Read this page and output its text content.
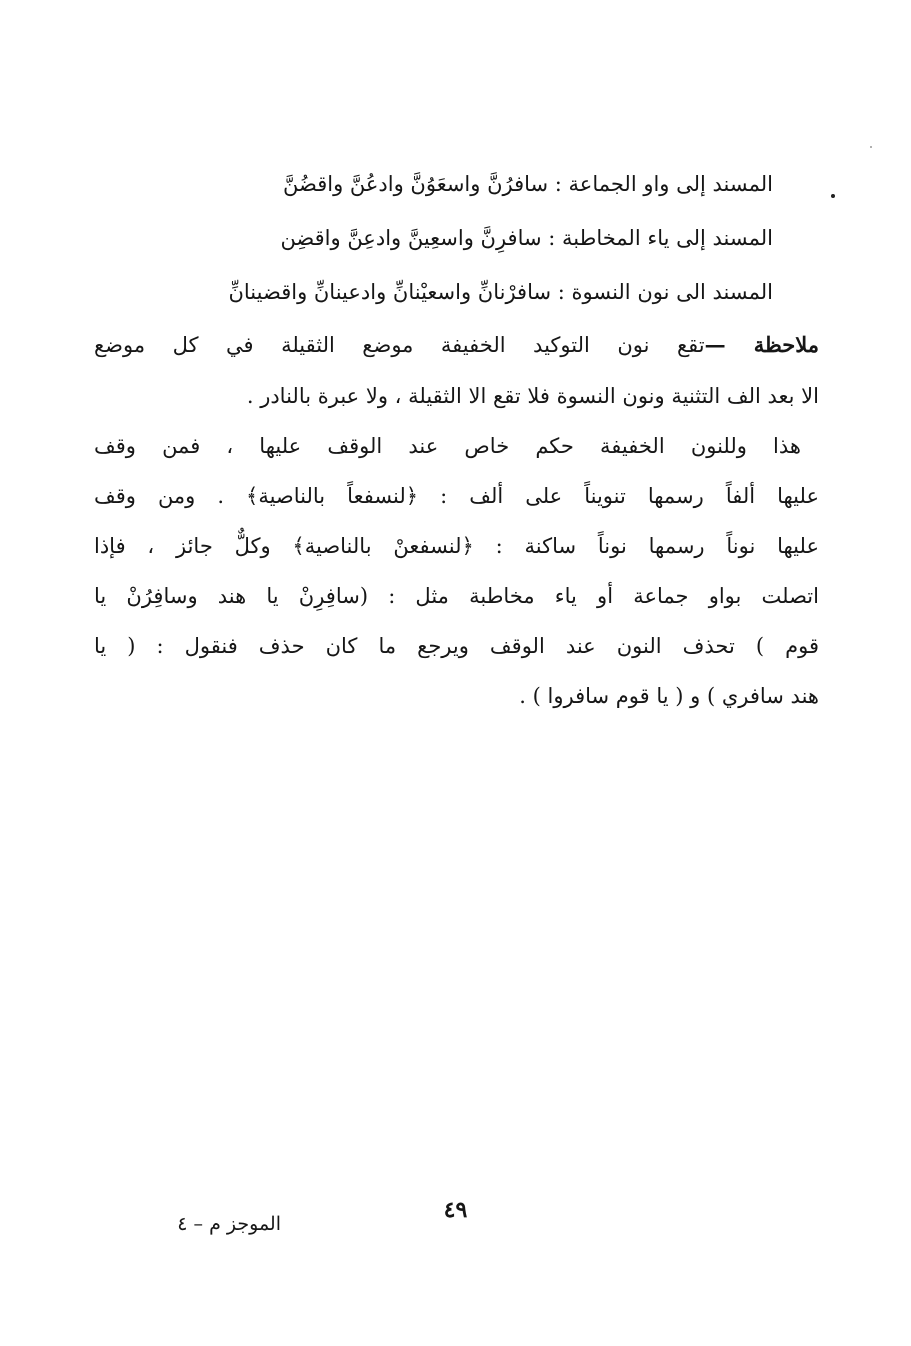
المسند إلى واو الجماعة : سافرُنَّ واسعَوُنَّ وادعُنَّ واقضُنَّ
المسند إلى ياء المخاطبة : سافرِنَّ واسعِينَّ وادعِنَّ واقضِن
المسند الى نون النسوة : سافرْنانِّ واسعيْنانِّ وادعينانِّ واقضينانِّ
ملاحظة —تقع نون التوكيد الخفيفة موضع الثقيلة في كل موضع
الا بعد الف التثنية ونون النسوة فلا تقع الا الثقيلة ، ولا عبرة بالنادر .
هذا وللنون الخفيفة حكم خاص عند الوقف عليها ، فمن وقف
عليها ألفاً رسمها تنويناً على ألف : ﴿لنسفعاً بالناصية﴾ . ومن وقف
عليها نوناً رسمها نوناً ساكنة : ﴿لنسفعنْ بالناصية﴾ وكلٌّ جائز ، فإذا
اتصلت بواو جماعة أو ياء مخاطبة مثل : (سافِرِنْ يا هند وسافِرُنْ يا
قوم ) تحذف النون عند الوقف ويرجع ما كان حذف فنقول : ( يا
هند سافري ) و ( يا قوم سافروا ) .
٤٩
الموجز م – ٤
